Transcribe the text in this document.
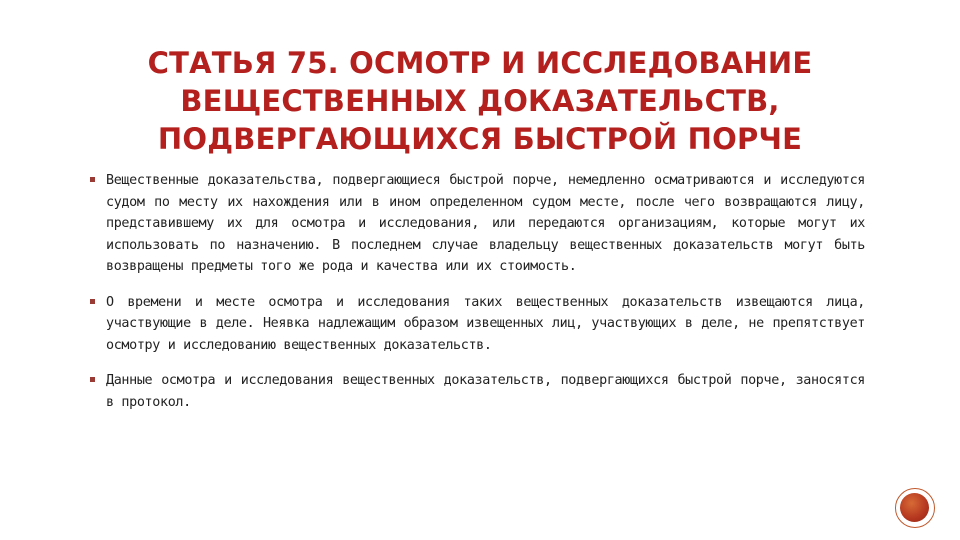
СТАТЬЯ 75. ОСМОТР И ИССЛЕДОВАНИЕ
ВЕЩЕСТВЕННЫХ ДОКАЗАТЕЛЬСТВ,
ПОДВЕРГАЮЩИХСЯ БЫСТРОЙ ПОРЧЕ
Вещественные доказательства, подвергающиеся быстрой порче, немедленно осматриваются и исследуются судом по месту их нахождения или в ином определенном судом месте, после чего возвращаются лицу, представившему их для осмотра и исследования, или передаются организациям, которые могут их использовать по назначению. В последнем случае владельцу вещественных доказательств могут быть возвращены предметы того же рода и качества или их стоимость.
О времени и месте осмотра и исследования таких вещественных доказательств извещаются лица, участвующие в деле. Неявка надлежащим образом извещенных лиц, участвующих в деле, не препятствует осмотру и исследованию вещественных доказательств.
Данные осмотра и исследования вещественных доказательств, подвергающихся быстрой порче, заносятся в протокол.
